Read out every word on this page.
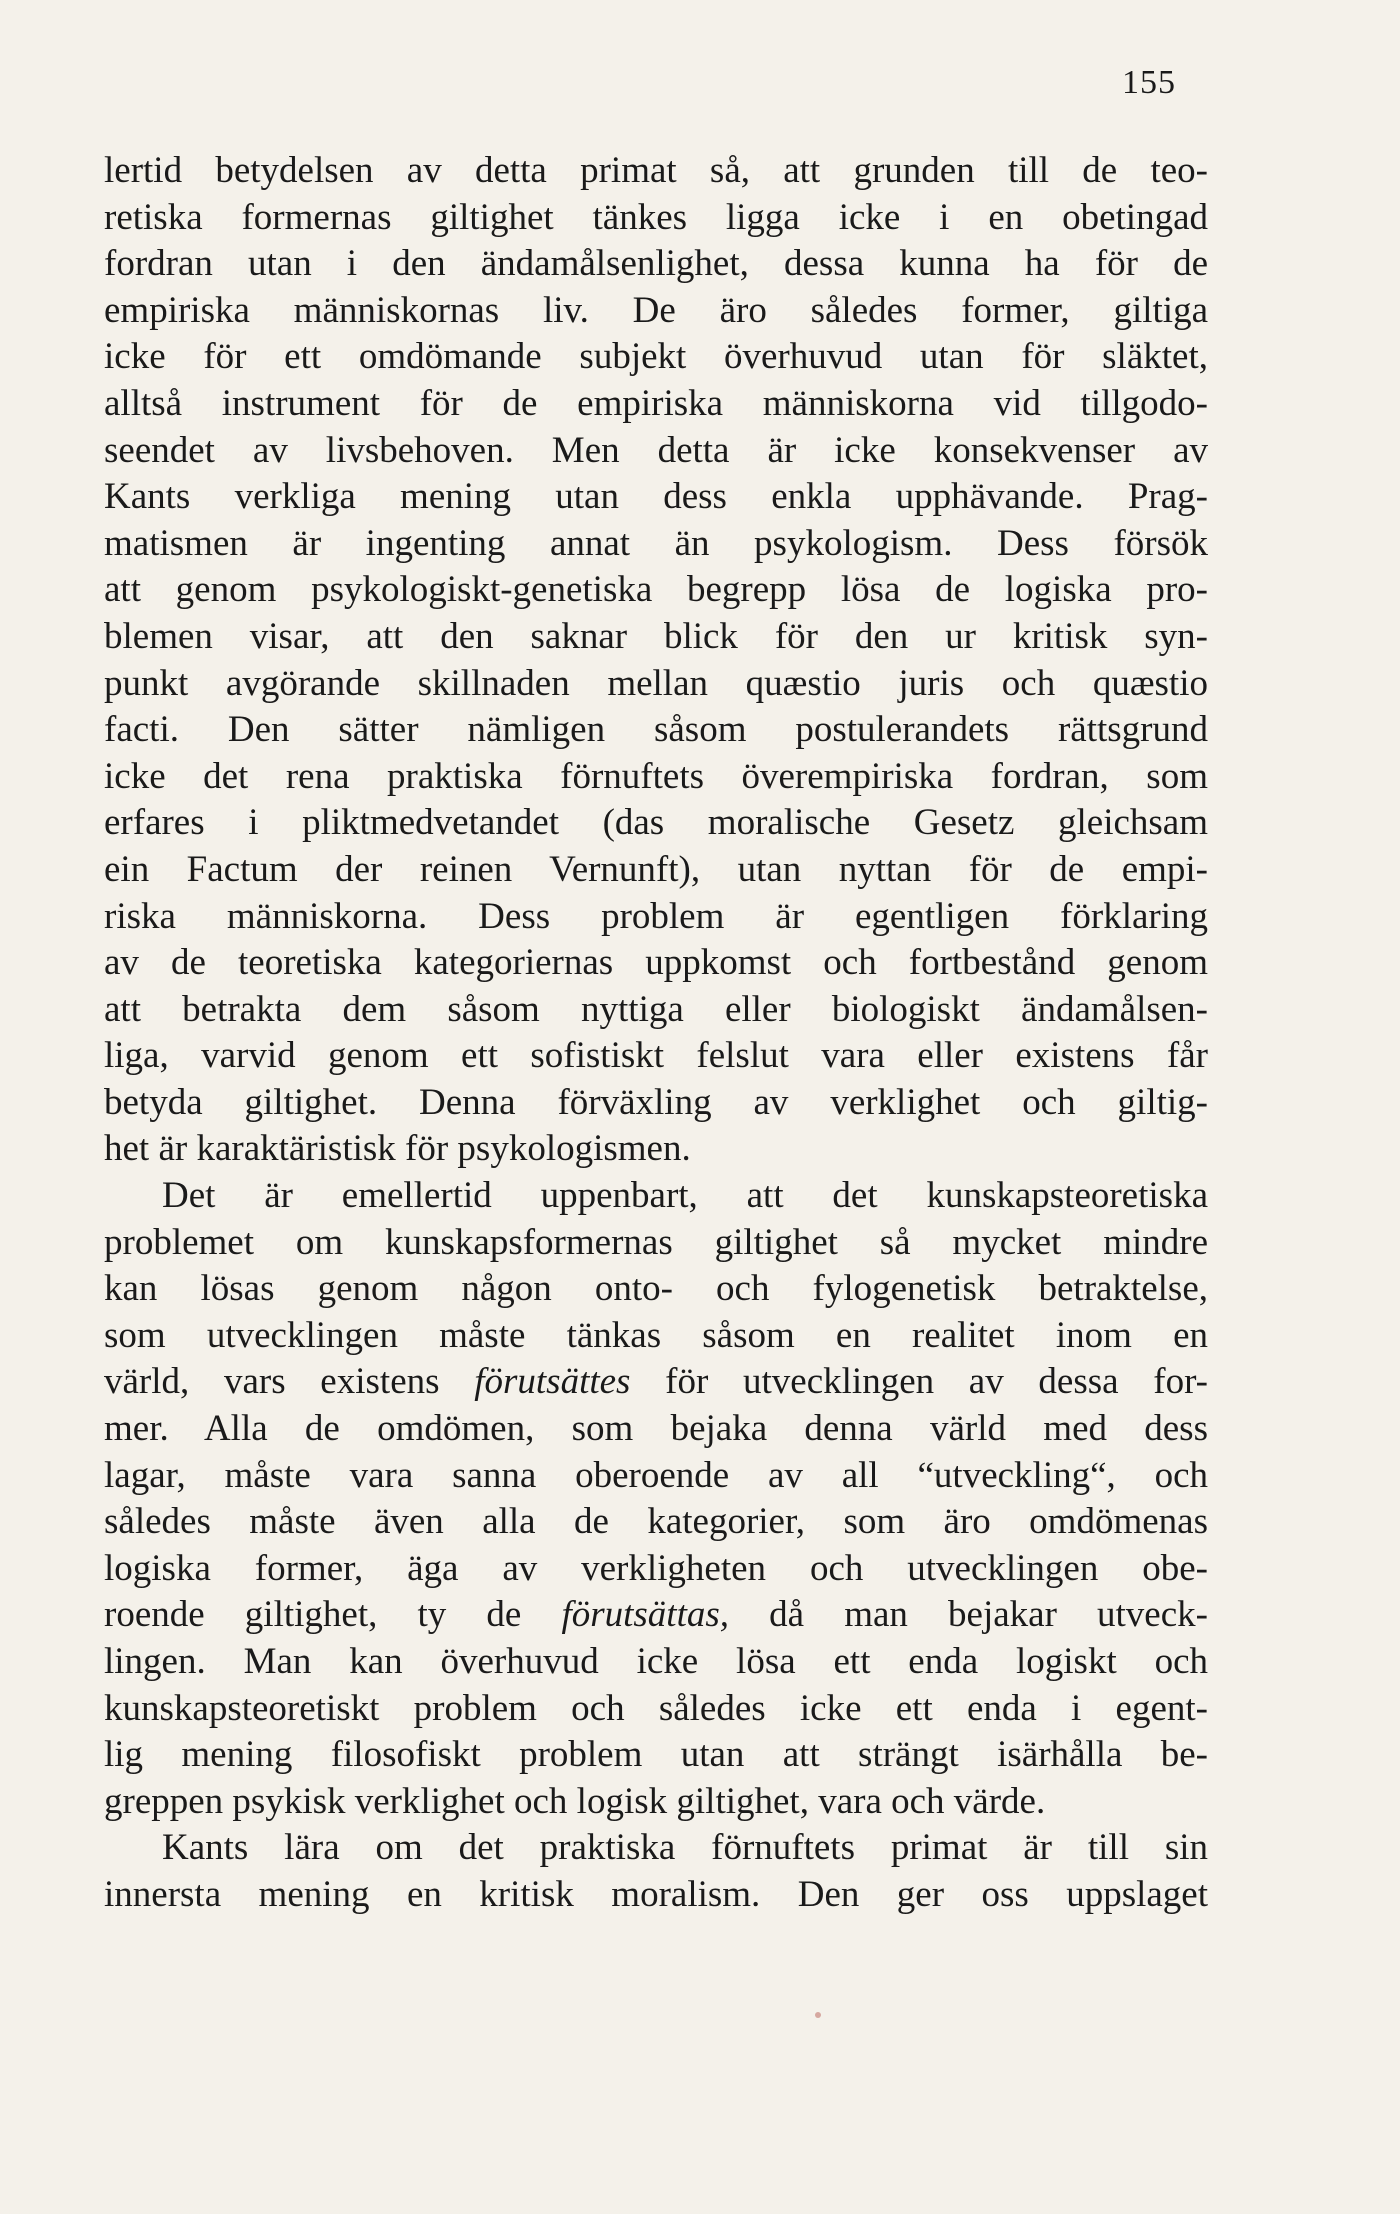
155
lertid betydelsen av detta primat så, att grunden till de teo-
retiska formernas giltighet tänkes ligga icke i en obetingad
fordran utan i den ändamålsenlighet, dessa kunna ha för de
empiriska människornas liv. De äro således former, giltiga
icke för ett omdömande subjekt överhuvud utan för släktet,
alltså instrument för de empiriska människorna vid tillgodo-
seendet av livsbehoven. Men detta är icke konsekvenser av
Kants verkliga mening utan dess enkla upphävande. Prag-
matismen är ingenting annat än psykologism. Dess försök
att genom psykologiskt-genetiska begrepp lösa de logiska pro-
blemen visar, att den saknar blick för den ur kritisk syn-
punkt avgörande skillnaden mellan quæstio juris och quæstio
facti. Den sätter nämligen såsom postulerandets rättsgrund
icke det rena praktiska förnuftets överempiriska fordran, som
erfares i pliktmedvetandet (das moralische Gesetz gleichsam
ein Factum der reinen Vernunft), utan nyttan för de empi-
riska människorna. Dess problem är egentligen förklaring
av de teoretiska kategoriernas uppkomst och fortbestånd genom
att betrakta dem såsom nyttiga eller biologiskt ändamålsen-
liga, varvid genom ett sofistiskt felslut vara eller existens får
betyda giltighet. Denna förväxling av verklighet och giltig-
het är karaktäristisk för psykologismen.
Det är emellertid uppenbart, att det kunskapsteoretiska
problemet om kunskapsformernas giltighet så mycket mindre
kan lösas genom någon onto- och fylogenetisk betraktelse,
som utvecklingen måste tänkas såsom en realitet inom en
värld, vars existens förutsättes för utvecklingen av dessa for-
mer. Alla de omdömen, som bejaka denna värld med dess
lagar, måste vara sanna oberoende av all “utveckling“, och
således måste även alla de kategorier, som äro omdömenas
logiska former, äga av verkligheten och utvecklingen obe-
roende giltighet, ty de förutsättas, då man bejakar utveck-
lingen. Man kan överhuvud icke lösa ett enda logiskt och
kunskapsteoretiskt problem och således icke ett enda i egent-
lig mening filosofiskt problem utan att strängt isärhålla be-
greppen psykisk verklighet och logisk giltighet, vara och värde.
Kants lära om det praktiska förnuftets primat är till sin
innersta mening en kritisk moralism. Den ger oss uppslaget
